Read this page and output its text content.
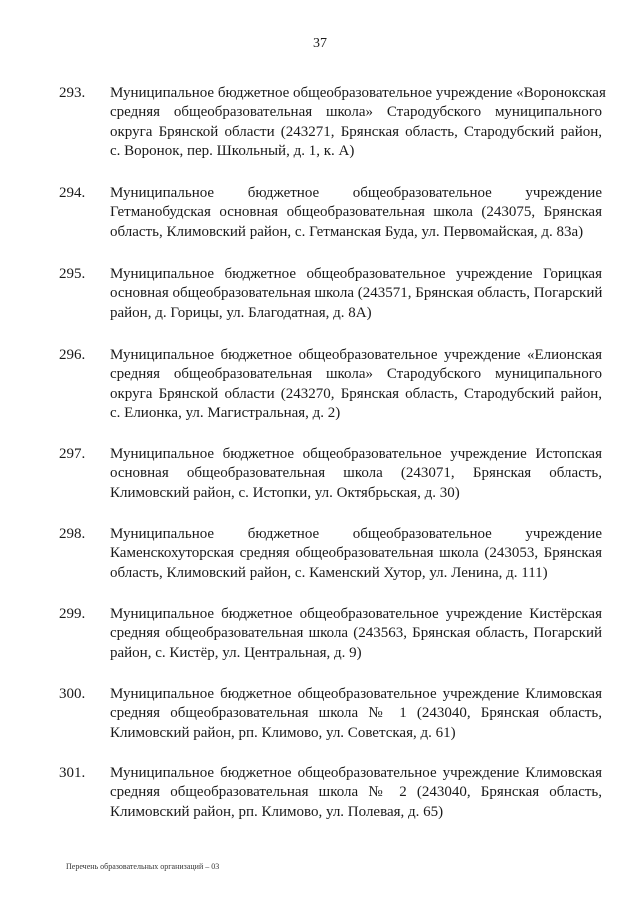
37
293. Муниципальное бюджетное общеобразовательное учреждение «Воронокская
средняя общеобразовательная школа» Стародубского муниципального
округа Брянской области (243271, Брянская область, Стародубский район,
с. Воронок, пер. Школьный, д. 1, к. А)
294. Муниципальное бюджетное общеобразовательное учреждение
Гетманобудская основная общеобразовательная школа (243075, Брянская
область, Климовский район, с. Гетманская Буда, ул. Первомайская, д. 83а)
295. Муниципальное бюджетное общеобразовательное учреждение Горицкая
основная общеобразовательная школа (243571, Брянская область, Погарский
район, д. Горицы, ул. Благодатная, д. 8А)
296. Муниципальное бюджетное общеобразовательное учреждение «Елионская
средняя общеобразовательная школа» Стародубского муниципального
округа Брянской области (243270, Брянская область, Стародубский район,
с. Елионка, ул. Магистральная, д. 2)
297. Муниципальное бюджетное общеобразовательное учреждение Истопская
основная общеобразовательная школа (243071, Брянская область,
Климовский район, с. Истопки, ул. Октябрьская, д. 30)
298. Муниципальное бюджетное общеобразовательное учреждение
Каменскохуторская средняя общеобразовательная школа (243053, Брянская
область, Климовский район, с. Каменский Хутор, ул. Ленина, д. 111)
299. Муниципальное бюджетное общеобразовательное учреждение Кистёрская
средняя общеобразовательная школа (243563, Брянская область, Погарский
район, с. Кистёр, ул. Центральная, д. 9)
300. Муниципальное бюджетное общеобразовательное учреждение Климовская
средняя общеобразовательная школа № 1 (243040, Брянская область,
Климовский район, рп. Климово, ул. Советская, д. 61)
301. Муниципальное бюджетное общеобразовательное учреждение Климовская
средняя общеобразовательная школа № 2 (243040, Брянская область,
Климовский район, рп. Климово, ул. Полевая, д. 65)
Перечень образовательных организаций – 03
